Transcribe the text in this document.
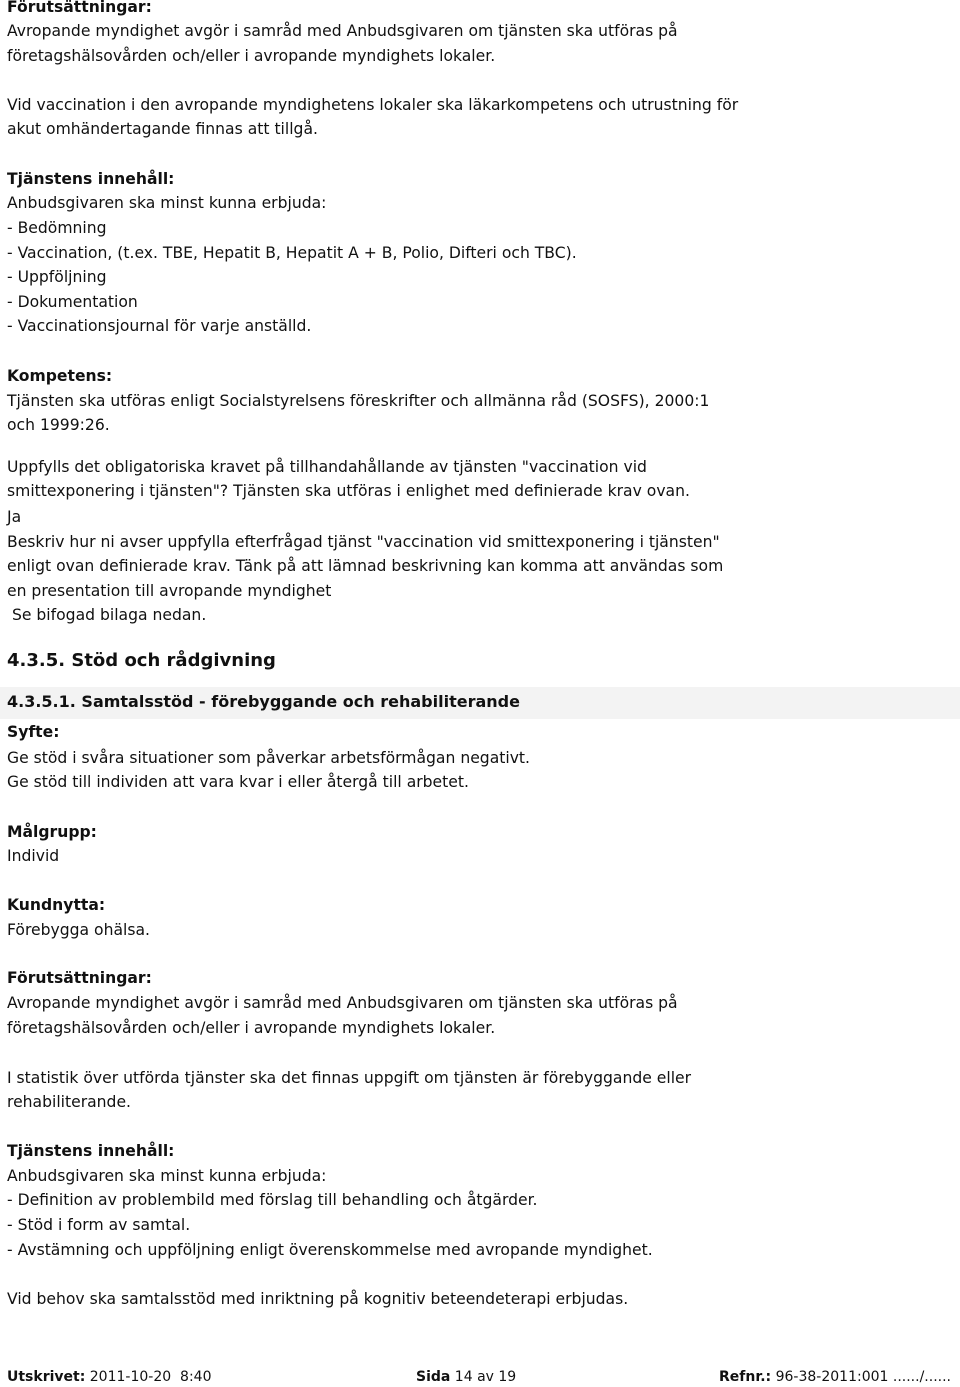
Förutsättningar:
Avropande myndighet avgör i samråd med Anbudsgivaren om tjänsten ska utföras på
företagshälsovården och/eller i avropande myndighets lokaler.
Vid vaccination i den avropande myndighetens lokaler ska läkarkompetens och utrustning för
akut omhändertagande finnas att tillgå.
Tjänstens innehåll:
Anbudsgivaren ska minst kunna erbjuda:
- Bedömning
- Vaccination, (t.ex. TBE, Hepatit B, Hepatit A + B, Polio, Difteri och TBC).
- Uppföljning
- Dokumentation
- Vaccinationsjournal för varje anställd.
Kompetens:
Tjänsten ska utföras enligt Socialstyrelsens föreskrifter och allmänna råd (SOSFS), 2000:1
och 1999:26.
Uppfylls det obligatoriska kravet på tillhandahållande av tjänsten "vaccination vid
smittexponering i tjänsten"? Tjänsten ska utföras i enlighet med definierade krav ovan.
Ja
Beskriv hur ni avser uppfylla efterfrågad tjänst "vaccination vid smittexponering i tjänsten"
enligt ovan definierade krav. Tänk på att lämnad beskrivning kan komma att användas som
en presentation till avropande myndighet
Se bifogad bilaga nedan.
4.3.5. Stöd och rådgivning
4.3.5.1. Samtalsstöd - förebyggande och rehabiliterande
Syfte:
Ge stöd i svåra situationer som påverkar arbetsförmågan negativt.
Ge stöd till individen att vara kvar i eller återgå till arbetet.
Målgrupp:
Individ
Kundnytta:
Förebygga ohälsa.
Förutsättningar:
Avropande myndighet avgör i samråd med Anbudsgivaren om tjänsten ska utföras på
företagshälsovården och/eller i avropande myndighets lokaler.
I statistik över utförda tjänster ska det finnas uppgift om tjänsten är förebyggande eller
rehabiliterande.
Tjänstens innehåll:
Anbudsgivaren ska minst kunna erbjuda:
- Definition av problembild med förslag till behandling och åtgärder.
- Stöd i form av samtal.
- Avstämning och uppföljning enligt överenskommelse med avropande myndighet.
Vid behov ska samtalsstöd med inriktning på kognitiv beteendeterapi erbjudas.
Utskrivet: 2011-10-20  8:40	Sida 14 av 19	Refnr.: 96-38-2011:001 ....../......
